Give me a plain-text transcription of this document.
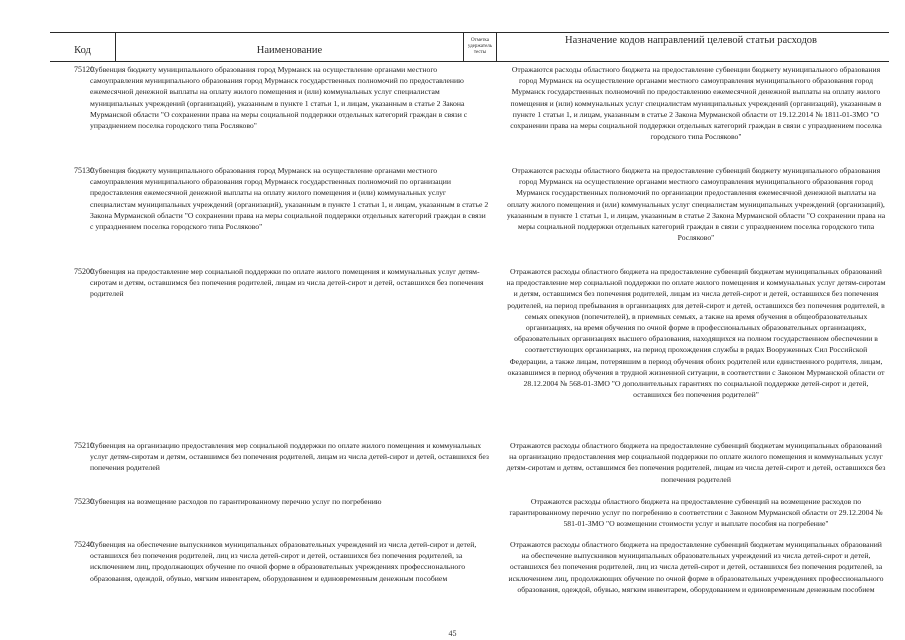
Код	Наименование
Отметка удержатель тесты
Назначение кодов направлений целевой статьи расходов
75120
Субвенция бюджету муниципального образования город Мурманск на осуществление органами местного самоуправления муниципального образования город Мурманск государственных полномочий по предоставлению ежемесячной денежной выплаты на оплату жилого помещения и (или) коммунальных услуг специалистам муниципальных учреждений (организаций), указанным в пункте 1 статьи 1, и лицам, указанным в статье 2 Закона Мурманской области "О сохранении права на меры социальной поддержки отдельных категорий граждан в связи с упразднением поселка городского типа Росляково"
Отражаются расходы областного бюджета на предоставление субвенции бюджету муниципального образования город Мурманск на осуществление органами местного самоуправления муниципального образования город Мурманск государственных полномочий по предоставлению ежемесячной денежной выплаты на оплату жилого помещения и (или) коммунальных услуг специалистам муниципальных учреждений (организаций), указанным в пункте 1 статьи 1, и лицам, указанным в статье 2 Закона Мурманской области от 19.12.2014 № 1811-01-ЗМО "О сохранении права на меры социальной поддержки отдельных категорий граждан в связи с упразднением поселка городского типа Росляково"
75130
Субвенция бюджету муниципального образования город Мурманск на осуществление органами местного самоуправления муниципального образования город Мурманск государственных полномочий по организации предоставления ежемесячной денежной выплаты на оплату жилого помещения и (или) коммунальных услуг специалистам муниципальных учреждений (организаций), указанным в пункте 1 статьи 1, и лицам, указанным в статье 2 Закона Мурманской области "О сохранении права на меры социальной поддержки отдельных категорий граждан в связи с упразднением поселка городского типа Росляково"
Отражаются расходы областного бюджета на предоставление субвенций бюджету муниципального образования город Мурманск на осуществление органами местного самоуправления муниципального образования город Мурманск государственных полномочий по организации предоставления ежемесячной денежной выплаты на оплату жилого помещения и (или) коммунальных услуг специалистам муниципальных учреждений (организаций), указанным в пункте 1 статьи 1, и лицам, указанным в статье 2 Закона Мурманской области "О сохранении права на меры социальной поддержки отдельных категорий граждан в связи с упразднением поселка городского типа Росляково"
75200
Субвенция на предоставление мер социальной поддержки по оплате жилого помещения и коммунальных услуг детям-сиротам и детям, оставшимся без попечения родителей, лицам из числа детей-сирот и детей, оставшихся без попечения родителей
Отражаются расходы областного бюджета на предоставление субвенций бюджетам муниципальных образований на предоставление мер социальной поддержки по оплате жилого помещения и коммунальных услуг детям-сиротам и детям, оставшимся без попечения родителей, лицам из числа детей-сирот и детей, оставшихся без попечения родителей, на период пребывания в организациях для детей-сирот и детей, оставшихся без попечения родителей, в семьях опекунов (попечителей), в приемных семьях, а также на время обучения в общеобразовательных организациях, на время обучения по очной форме в профессиональных образовательных организациях, образовательных организациях высшего образования, находящихся на полном государственном обеспечении в соответствующих организациях, на период прохождения службы в рядах Вооруженных Сил Российской Федерации, а также лицам, потерявшим в период обучения обоих родителей или единственного родителя, лицам, оказавшимся в период обучения в трудной жизненной ситуации, в соответствии с Законом Мурманской области от 28.12.2004 № 568-01-ЗМО "О дополнительных гарантиях по социальной поддержке детей-сирот и детей, оставшихся без попечения родителей"
75210
Субвенция на организацию предоставления мер социальной поддержки по оплате жилого помещения и коммунальных услуг детям-сиротам и детям, оставшимся без попечения родителей, лицам из числа детей-сирот и детей, оставшихся без попечения родителей
Отражаются расходы областного бюджета на предоставление субвенций бюджетам муниципальных образований на организацию предоставления мер социальной поддержки по оплате жилого помещения и коммунальных услуг детям-сиротам и детям, оставшимся без попечения родителей, лицам из числа детей-сирот и детей, оставшихся без попечения родителей
75230
Субвенция на возмещение расходов по гарантированному перечню услуг по погребению	Отражаются расходы областного бюджета на предоставление субвенций на возмещение расходов по гарантированному перечню услуг по погребению в соответствии с Законом Мурманской области от 29.12.2004 № 581-01-ЗМО "О возмещении стоимости услуг и выплате пособия на погребение"
75240
Субвенция на обеспечение выпускников муниципальных образовательных учреждений из числа детей-сирот и детей, оставшихся без попечения родителей, лиц из числа детей-сирот и детей, оставшихся без попечения родителей, за исключением лиц, продолжающих обучение по очной форме в образовательных учреждениях профессионального образования, одеждой, обувью, мягким инвентарем, оборудованием и единовременным денежным пособием
Отражаются расходы областного бюджета на предоставление субвенций бюджетам муниципальных образований на обеспечение выпускников муниципальных образовательных учреждений из числа детей-сирот и детей, оставшихся без попечения родителей, лиц из числа детей-сирот и детей, оставшихся без попечения родителей, за исключением лиц, продолжающих обучение по очной форме в образовательных учреждениях профессионального образования, одеждой, обувью, мягким инвентарем, оборудованием и единовременным денежным пособием
45
